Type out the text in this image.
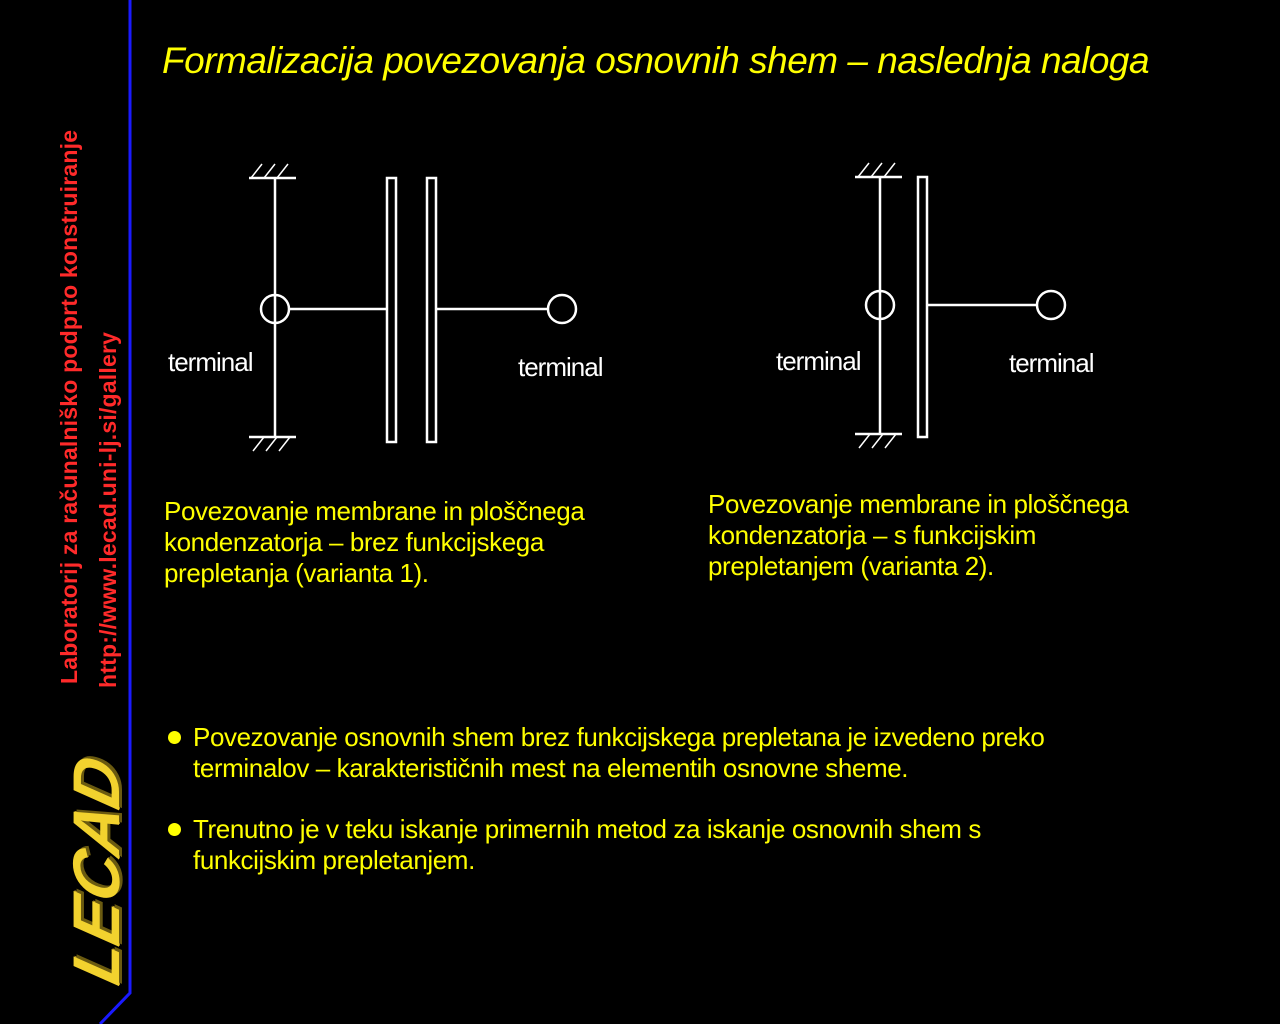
Laboratorij za računalniško podprto konstruiranje http://www.lecad.uni-lj.si/gallery
LECAD
Formalizacija povezovanja osnovnih shem – naslednja naloga
terminal	terminal	terminal	terminal
Povezovanje membrane in ploščnega
kondenzatorja – brez funkcijskega
prepletanja (varianta 1).
Povezovanje membrane in ploščnega
kondenzatorja – s funkcijskim
prepletanjem (varianta 2).
Povezovanje osnovnih shem brez funkcijskega prepletana je izvedeno preko
terminalov – karakterističnih mest na elementih osnovne sheme.
Trenutno je v teku iskanje primernih metod za iskanje osnovnih shem s
funkcijskim prepletanjem.
